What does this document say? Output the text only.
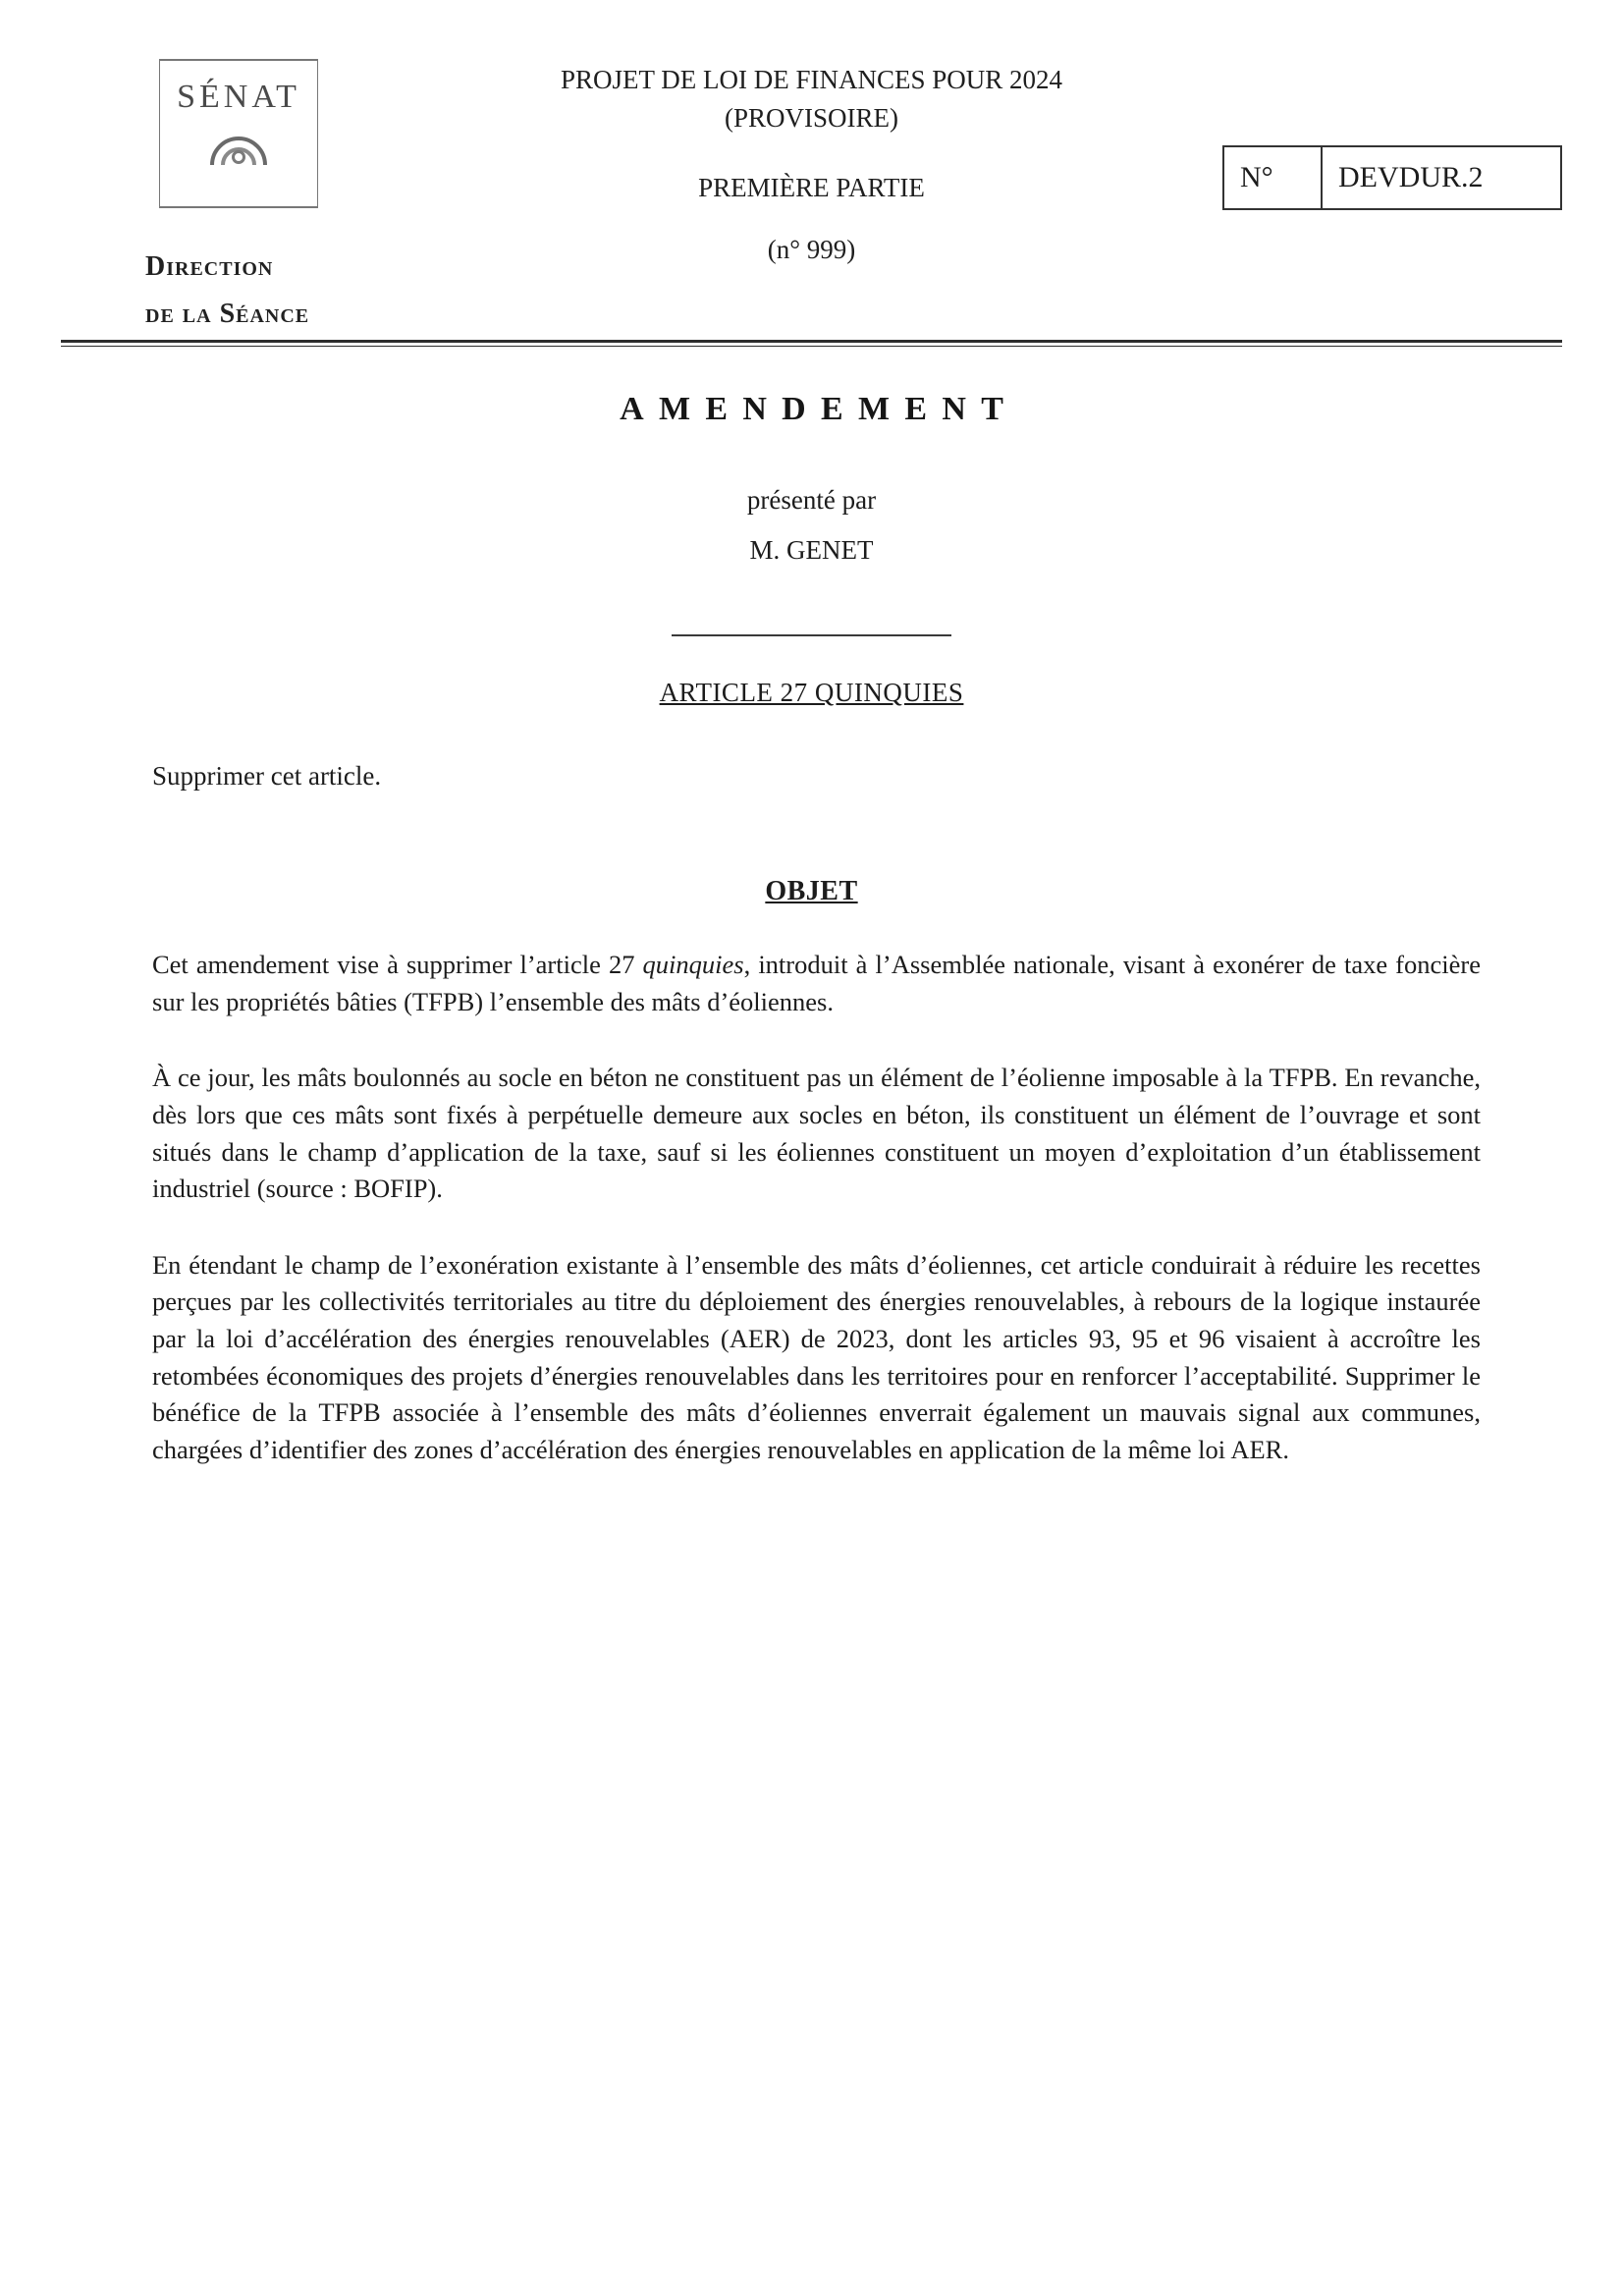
SÉNAT
Direction
de la Séance
PROJET DE LOI DE FINANCES POUR 2024
(PROVISOIRE)
PREMIÈRE PARTIE
(n° 999)
N°	DEVDUR.2
AMENDEMENT
présenté par
M. GENET
ARTICLE 27 QUINQUIES
Supprimer cet article.
OBJET

Cet amendement vise à supprimer l’article 27 quinquies, introduit à l’Assemblée nationale, visant à exonérer de taxe foncière sur les propriétés bâties (TFPB) l’ensemble des mâts d’éoliennes.

À ce jour, les mâts boulonnés au socle en béton ne constituent pas un élément de l’éolienne imposable à la TFPB. En revanche, dès lors que ces mâts sont fixés à perpétuelle demeure aux socles en béton, ils constituent un élément de l’ouvrage et sont situés dans le champ d’application de la taxe, sauf si les éoliennes constituent un moyen d’exploitation d’un établissement industriel (source : BOFIP).

En étendant le champ de l’exonération existante à l’ensemble des mâts d’éoliennes, cet article conduirait à réduire les recettes perçues par les collectivités territoriales au titre du déploiement des énergies renouvelables, à rebours de la logique instaurée par la loi d’accélération des énergies renouvelables (AER) de 2023, dont les articles 93, 95 et 96 visaient à accroître les retombées économiques des projets d’énergies renouvelables dans les territoires pour en renforcer l’acceptabilité. Supprimer le bénéfice de la TFPB associée à l’ensemble des mâts d’éoliennes enverrait également un mauvais signal aux communes, chargées d’identifier des zones d’accélération des énergies renouvelables en application de la même loi AER.
